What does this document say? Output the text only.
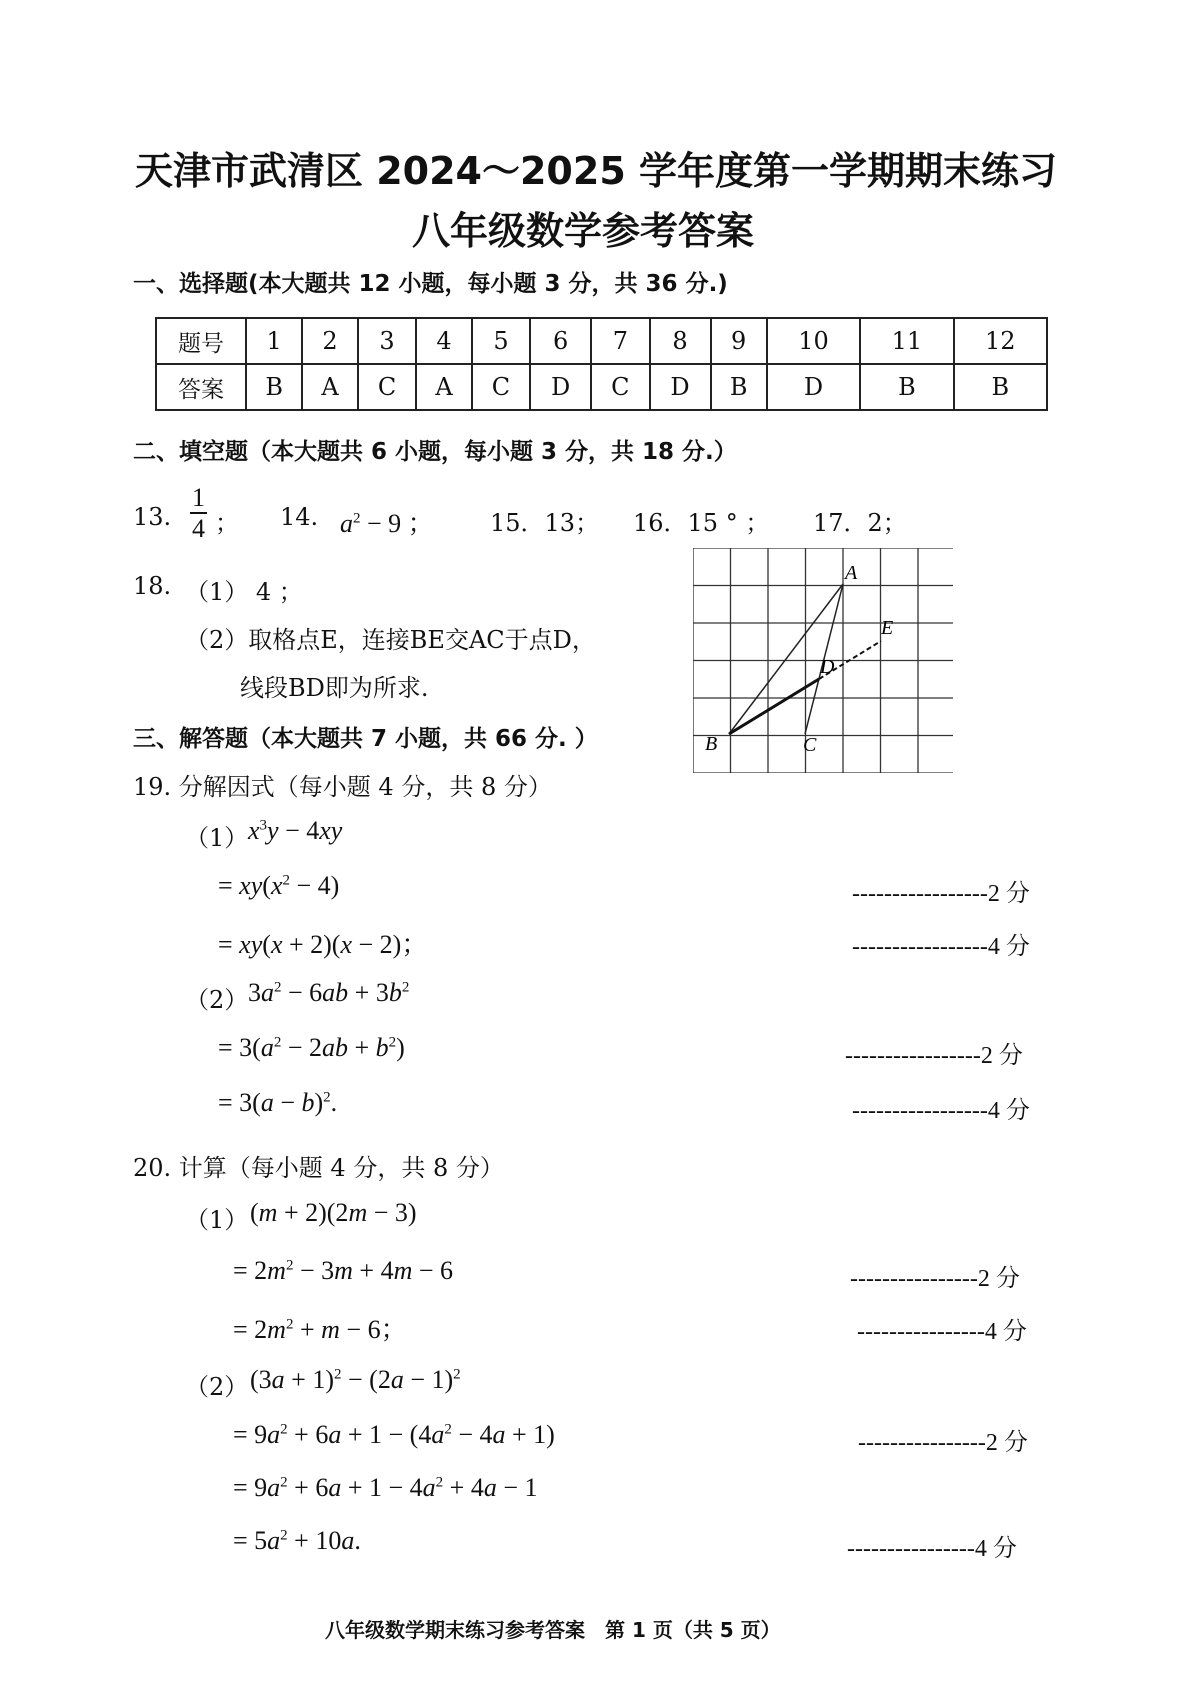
天津市武清区 2024～2025 学年度第一学期期末练习
八年级数学参考答案
一、选择题(本大题共 12 小题，每小题 3 分，共 36 分.)
题号	1	2	3	4	5	6	7	8	9	10	11	12
答案	B	A	C	A	C	D	C	D	B	D	B	B
二、填空题（本大题共 6 小题，每小题 3 分，共 18 分.）
13. $\frac{1}{4}$ ； 14. $a^2 - 9$ ； 15．13； 16．15 ° ； 17．2；
18. （1） 4 ；
（2）取格点E，连接BE交AC于点D，
线段BD即为所求.
A
B	C
D
E
三、解答题（本大题共 7 小题，共 66 分. ）
19. 分解因式（每小题 4 分，共 8 分）
（1） $x^3y - 4xy$
= $xy(x^2 - 4)$	-----------------2 分
= xy(x + 2)(x − 2)；	-----------------4 分
（2） $3a^2 - 6ab + 3b^2$
= $3(a^2 - 2ab + b^2)$	-----------------2 分
= $3(a - b)^2$.	-----------------4 分
20. 计算（每小题 4 分，共 8 分）
（1） (m + 2)(2m − 3)
= $2m^2 - 3m + 4m - 6$	----------------2 分
= $2m^2 + m - 6$；	----------------4 分
（2） $(3a + 1)^2 - (2a - 1)^2$
= $9a^2 + 6a + 1 - (4a^2 - 4a + 1)$	----------------2 分
= $9a^2 + 6a + 1 - 4a^2 + 4a - 1$
= $5a^2 + 10a$.	----------------4 分
八年级数学期末练习参考答案　第 1 页（共 5 页）
